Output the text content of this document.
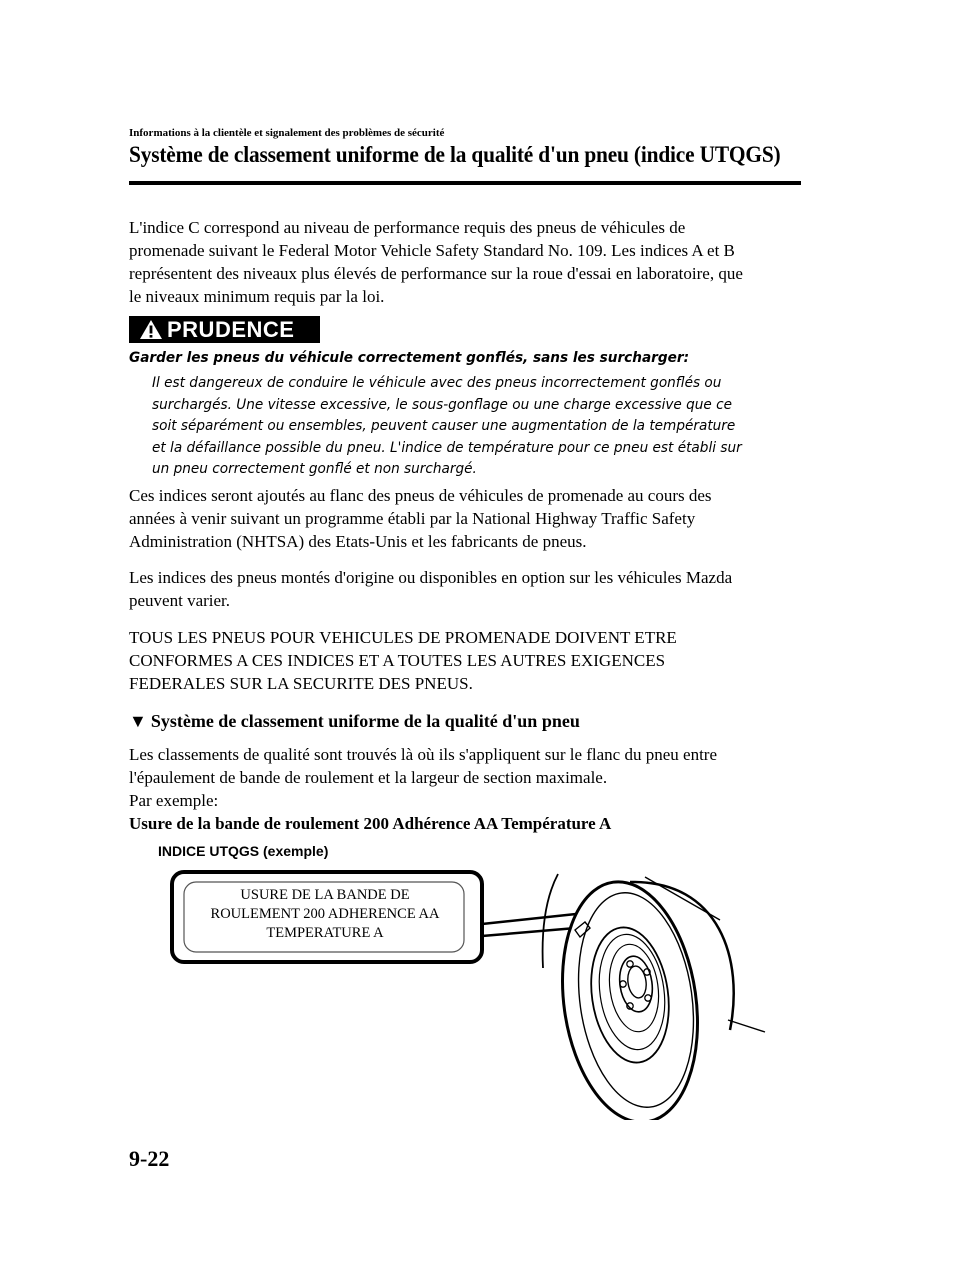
Informations à la clientèle et signalement des problèmes de sécurité
Système de classement uniforme de la qualité d'un pneu (indice UTQGS)
L'indice C correspond au niveau de performance requis des pneus de véhicules de
promenade suivant le Federal Motor Vehicle Safety Standard No. 109. Les indices A et B
représentent des niveaux plus élevés de performance sur la roue d'essai en laboratoire, que
le niveaux minimum requis par la loi.
PRUDENCE
Garder les pneus du véhicule correctement gonflés, sans les surcharger:
Il est dangereux de conduire le véhicule avec des pneus incorrectement gonflés ou
surchargés. Une vitesse excessive, le sous-gonflage ou une charge excessive que ce
soit séparément ou ensembles, peuvent causer une augmentation de la température
et la défaillance possible du pneu. L'indice de température pour ce pneu est établi sur
un pneu correctement gonflé et non surchargé.
Ces indices seront ajoutés au flanc des pneus de véhicules de promenade au cours des
années à venir suivant un programme établi par la National Highway Traffic Safety
Administration (NHTSA) des Etats-Unis et les fabricants de pneus.
Les indices des pneus montés d'origine ou disponibles en option sur les véhicules Mazda
peuvent varier.
TOUS LES PNEUS POUR VEHICULES DE PROMENADE DOIVENT ETRE
CONFORMES A CES INDICES ET A TOUTES LES AUTRES EXIGENCES
FEDERALES SUR LA SECURITE DES PNEUS.
▼ Système de classement uniforme de la qualité d'un pneu
Les classements de qualité sont trouvés là où ils s'appliquent sur le flanc du pneu entre
l'épaulement de bande de roulement et la largeur de section maximale.
Par exemple:
Usure de la bande de roulement 200 Adhérence AA Température A
INDICE UTQGS (exemple)
USURE DE LA BANDE DE
ROULEMENT 200 ADHERENCE AA
TEMPERATURE A
9-22
